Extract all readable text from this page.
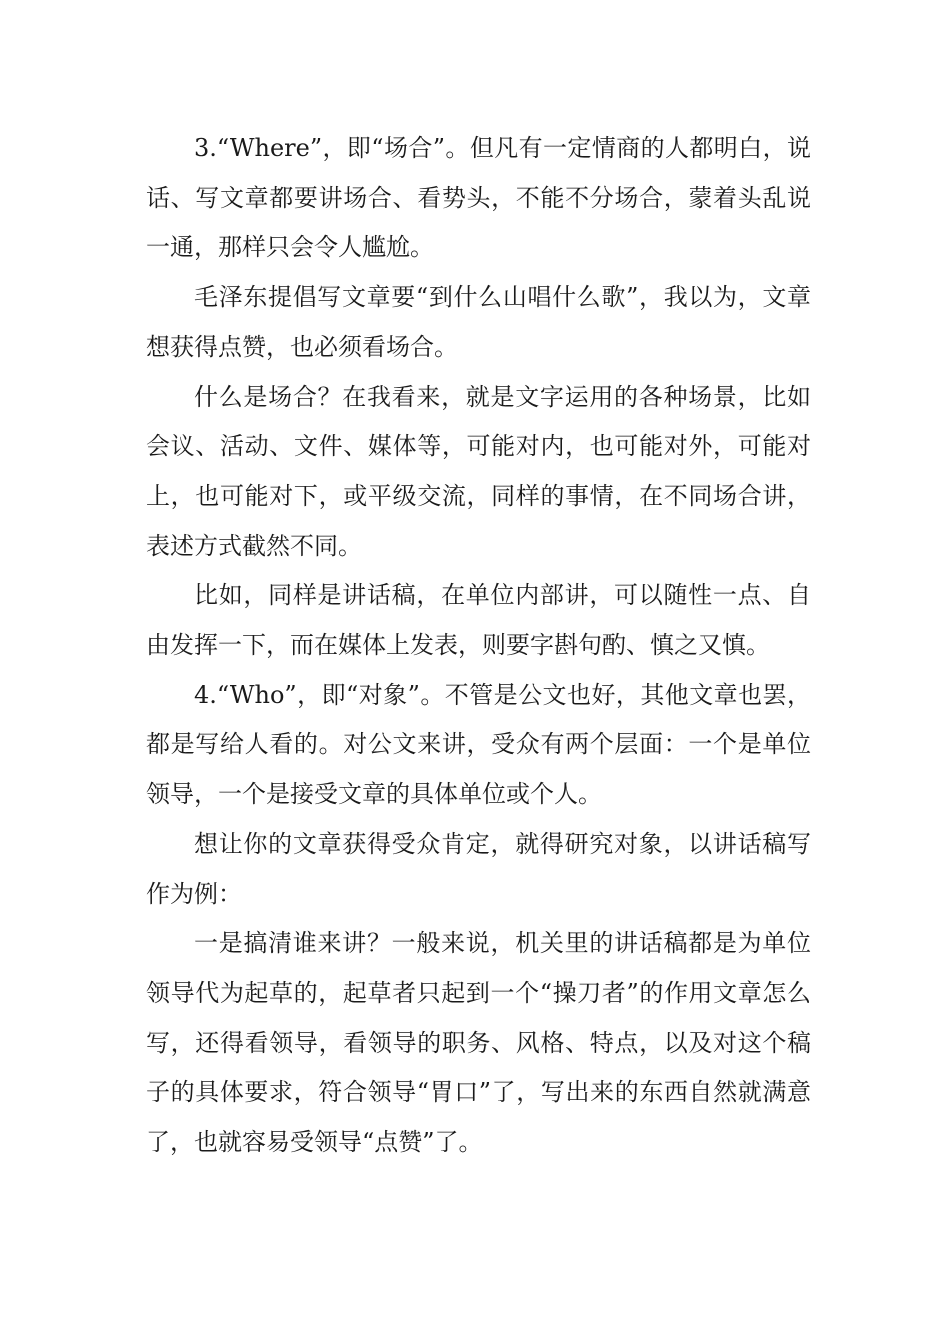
3.“Where”，即“场合”。但凡有一定情商的人都明白，说话、写文章都要讲场合、看势头，不能不分场合，蒙着头乱说一通，那样只会令人尴尬。

毛泽东提倡写文章要“到什么山唱什么歌”，我以为，文章想获得点赞，也必须看场合。

什么是场合？在我看来，就是文字运用的各种场景，比如会议、活动、文件、媒体等，可能对内，也可能对外，可能对上，也可能对下，或平级交流，同样的事情，在不同场合讲，表述方式截然不同。

比如，同样是讲话稿，在单位内部讲，可以随性一点、自由发挥一下，而在媒体上发表，则要字斟句酌、慎之又慎。

4.“Who”，即“对象”。不管是公文也好，其他文章也罢，都是写给人看的。对公文来讲，受众有两个层面：一个是单位领导，一个是接受文章的具体单位或个人。

想让你的文章获得受众肯定，就得研究对象，以讲话稿写作为例：

一是搞清谁来讲？一般来说，机关里的讲话稿都是为单位领导代为起草的，起草者只起到一个“操刀者”的作用文章怎么写，还得看领导，看领导的职务、风格、特点，以及对这个稿子的具体要求，符合领导“胃口”了，写出来的东西自然就满意了，也就容易受领导“点赞”了。
